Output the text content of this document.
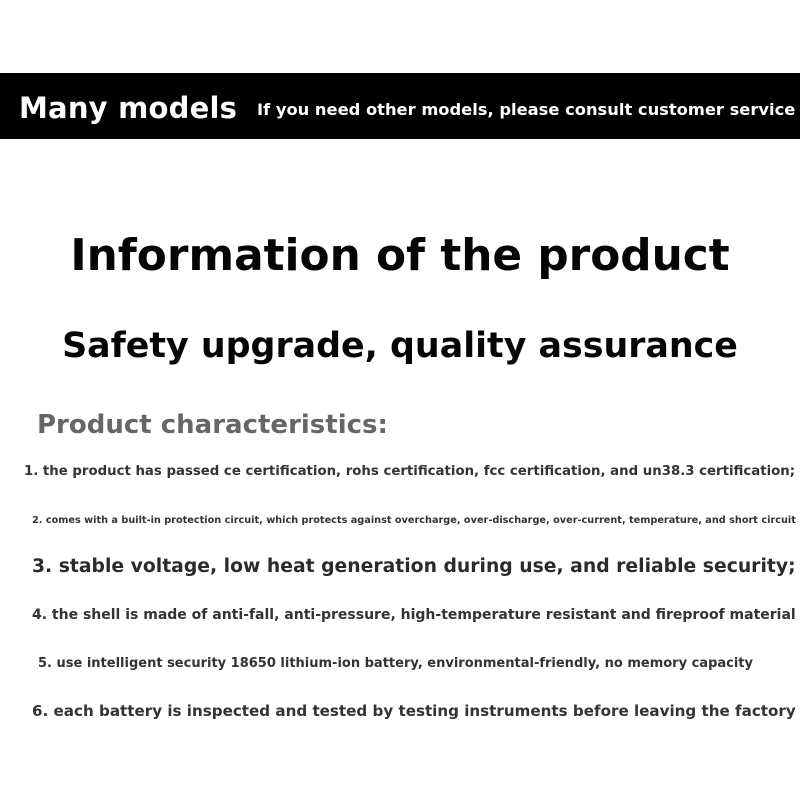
Many models If you need other models, please consult customer service
Information of the product
Safety upgrade, quality assurance
Product characteristics:
1. the product has passed ce certification, rohs certification, fcc certification, and un38.3 certification;
2. comes with a built-in protection circuit, which protects against overcharge, over-discharge, over-current, temperature, and short circuit
3. stable voltage, low heat generation during use, and reliable security;
4. the shell is made of anti-fall, anti-pressure, high-temperature resistant and fireproof material
5. use intelligent security 18650 lithium-ion battery, environmental-friendly, no memory capacity
6. each battery is inspected and tested by testing instruments before leaving the factory
